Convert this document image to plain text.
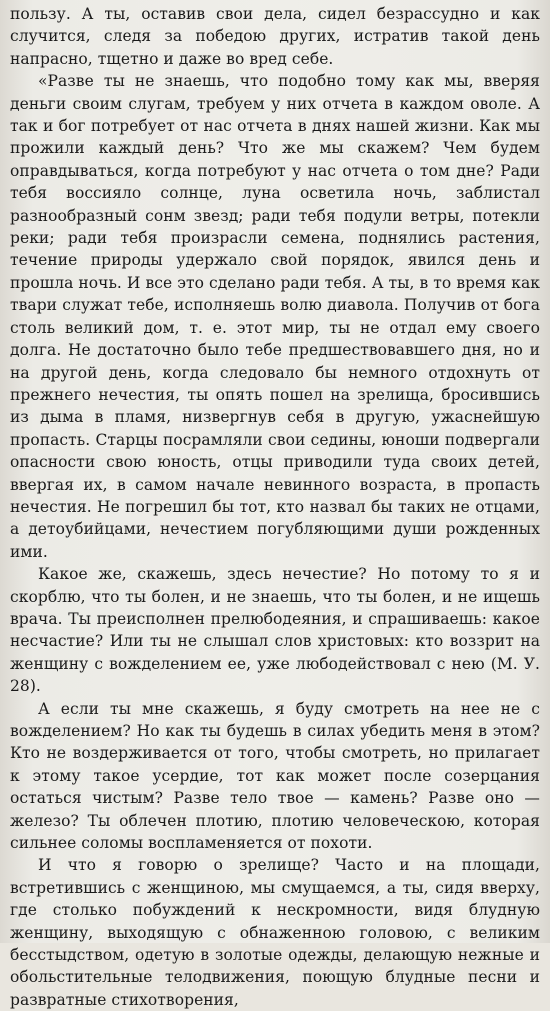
пользу. А ты, оставив свои дела, сидел безрассудно и как случится, следя за победою других, истратив такой день напрасно, тщетно и даже во вред себе.

«Разве ты не знаешь, что подобно тому как мы, вверяя деньги своим слугам, требуем у них отчета в каждом оволе. А так и бог потребует от нас отчета в днях нашей жизни. Как мы прожили каждый день? Что же мы скажем? Чем будем оправдываться, когда потребуют у нас отчета о том дне? Ради тебя воссияло солнце, луна осветила ночь, заблистал разнообразный сонм звезд; ради тебя подули ветры, потекли реки; ради тебя произрасли семена, поднялись растения, течение природы удержало свой порядок, явился день и прошла ночь. И все это сделано ради тебя. А ты, в то время как твари служат тебе, исполняешь волю диавола. Получив от бога столь великий дом, т. е. этот мир, ты не отдал ему своего долга. Не достаточно было тебе предшествовавшего дня, но и на другой день, когда следовало бы немного отдохнуть от прежнего нечестия, ты опять пошел на зрелища, бросившись из дыма в пламя, низвергнув себя в другую, ужаснейшую пропасть. Старцы посрамляли свои седины, юноши подвергали опасности свою юность, отцы приводили туда своих детей, ввергая их, в самом начале невинного возраста, в пропасть нечестия. Не погрешил бы тот, кто назвал бы таких не отцами, а детоубийцами, нечестием погубляющими души рожденных ими.

Какое же, скажешь, здесь нечестие? Но потому то я и скорблю, что ты болен, и не знаешь, что ты болен, и не ищешь врача. Ты преисполнен прелюбодеяния, и спрашиваешь: какое несчастие? Или ты не слышал слов христовых: кто воззрит на женщину с вожделением ее, уже любодействовал с нею (М. У. 28).

А если ты мне скажешь, я буду смотреть на нее не с вожделением? Но как ты будешь в силах убедить меня в этом? Кто не воздерживается от того, чтобы смотреть, но прилагает к этому такое усердие, тот как может после созерцания остаться чистым? Разве тело твое — камень? Разве оно — железо? Ты облечен плотию, плотию человеческою, которая сильнее соломы воспламеняется от похоти.

И что я говорю о зрелище? Часто и на площади, встретившись с женщиною, мы смущаемся, а ты, сидя вверху, где столько побуждений к нескромности, видя блудную женщину, выходящую с обнаженною головою, с великим бесстыдством, одетую в золотые одежды, делающую нежные и обольстительные телодвижения, поющую блудные песни и развратные стихотворения,
